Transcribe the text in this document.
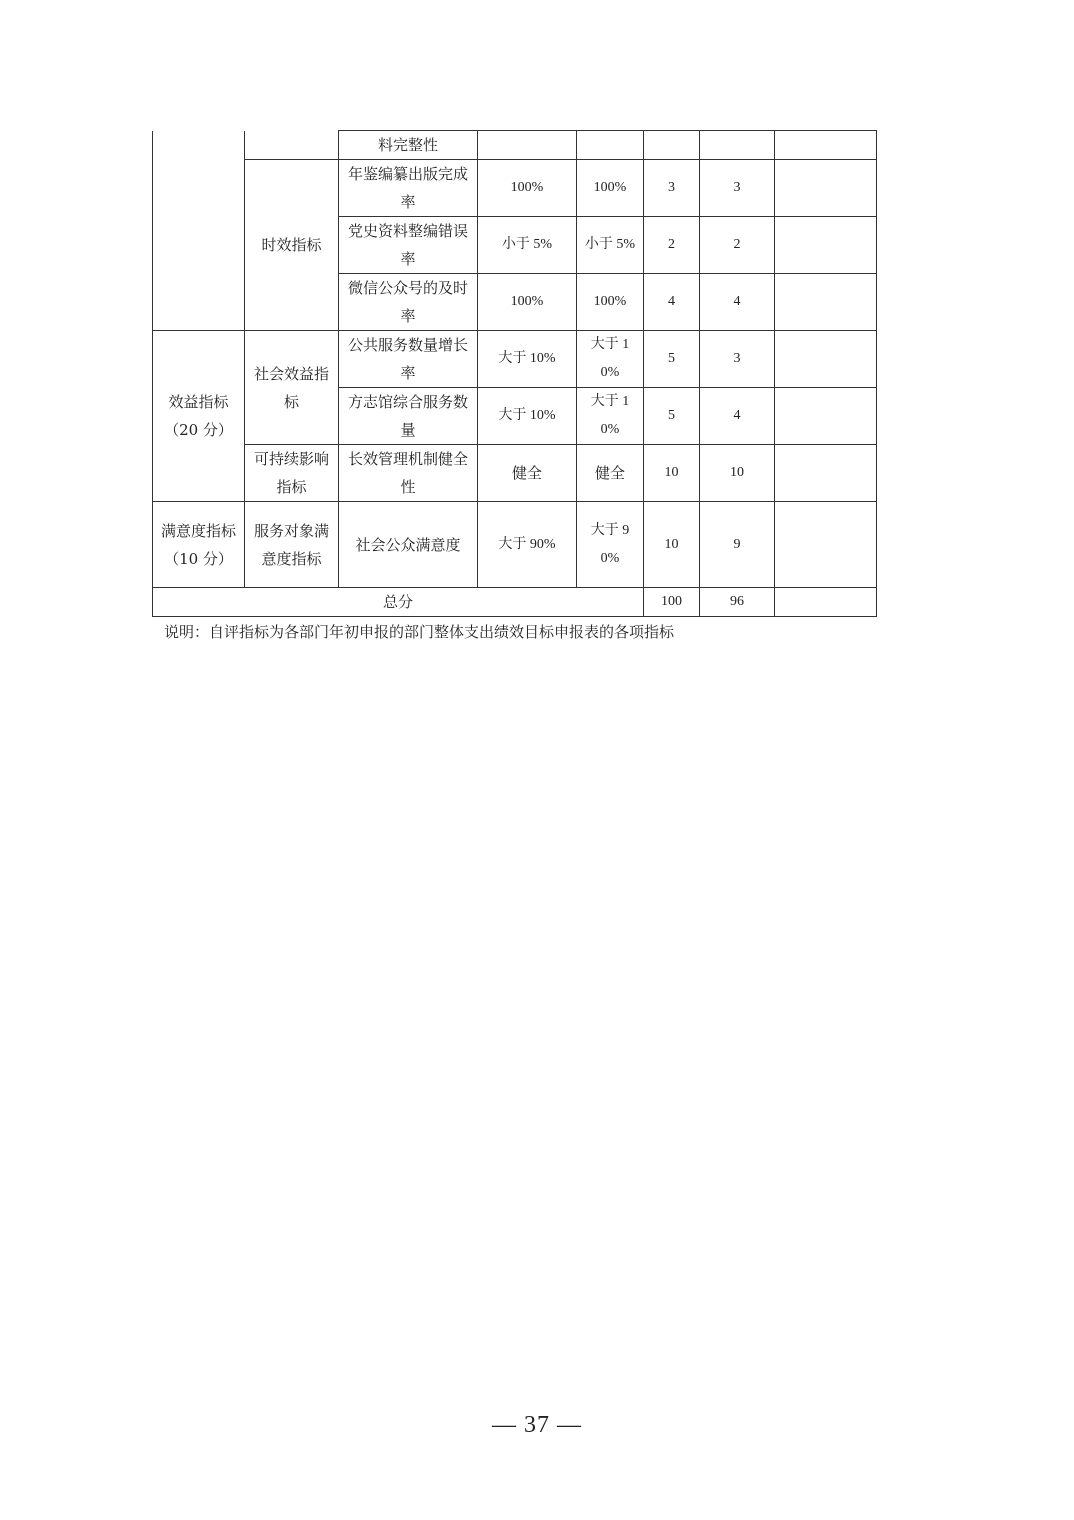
		料完整性					
	时效指标	年鉴编纂出版完成率	100%	100%	3	3	
		党史资料整编错误率	小于 5%	小于 5%	2	2	
		微信公众号的及时率	100%	100%	4	4	
效益指标（20 分）	社会效益指标	公共服务数量增长率	大于 10%	大于 10%	5	3	
		方志馆综合服务数量	大于 10%	大于 10%	5	4	
	可持续影响指标	长效管理机制健全性	健全	健全	10	10	
满意度指标（10 分）	服务对象满意度指标	社会公众满意度	大于 90%	大于 90%	10	9	
总分					100	96	
说明：自评指标为各部门年初申报的部门整体支出绩效目标申报表的各项指标
— 37 —
